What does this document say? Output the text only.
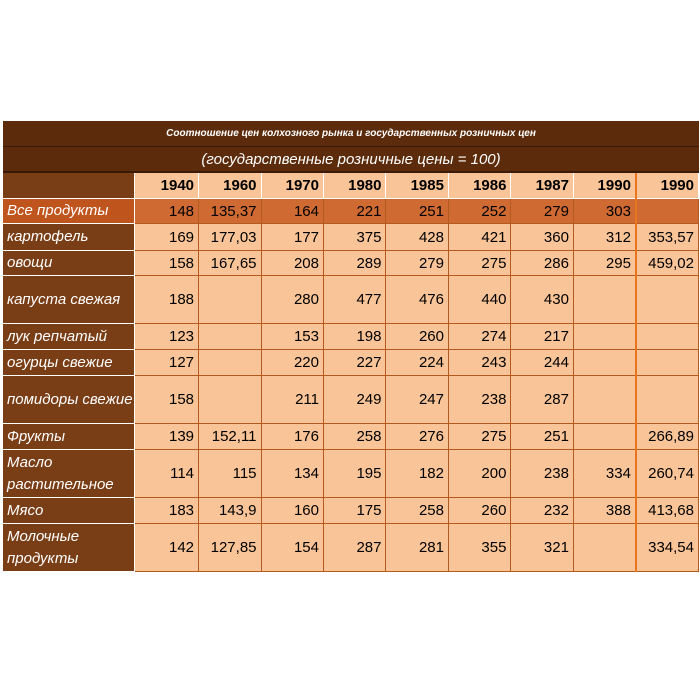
Соотношение цен колхозного рынка и государственных розничных цен
(государственные розничные цены = 100)
	1940	1960	1970	1980	1985	1986	1987	1990	1990
Все продукты	148	135,37	164	221	251	252	279	303	
картофель	169	177,03	177	375	428	421	360	312	353,57
овощи	158	167,65	208	289	279	275	286	295	459,02
капуста свежая	188		280	477	476	440	430		
лук репчатый	123		153	198	260	274	217		
огурцы свежие	127		220	227	224	243	244		
помидоры свежие	158		211	249	247	238	287		
Фрукты	139	152,11	176	258	276	275	251		266,89
Масло растительное	114	115	134	195	182	200	238	334	260,74
Мясо	183	143,9	160	175	258	260	232	388	413,68
Молочные продукты	142	127,85	154	287	281	355	321		334,54
